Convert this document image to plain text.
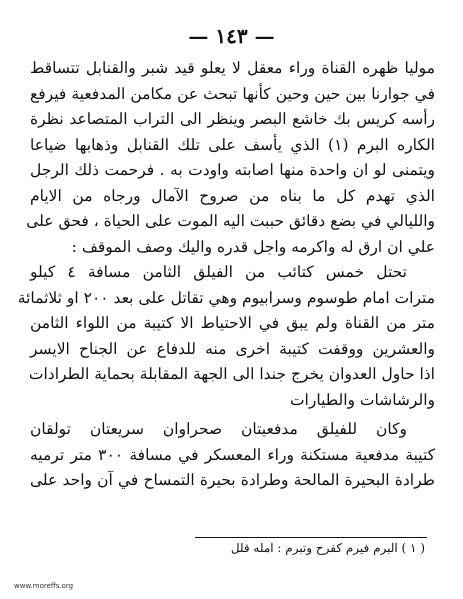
— ١٤٣ —
موليا ظهره القناة وراء معقل لا يعلو قيد شبر والقنابل تتساقط
في جوارنا بين حين وحين كأنها تبحث عن مكامن المدفعية فيرفع
رأسه كريس بك خاشع البصر وينظر الى التراب المتصاعد نظرة
الكاره البرم (١) الذي يأسف على تلك القنابل وذهابها ضياعا
ويتمنى لو ان واحدة منها اصابته واودت به . فرحمت ذلك الرجل
الذي تهدم كل ما بناه من صروح الآمال ورجاه من الايام
والليالي في بضع دقائق حببت اليه الموت على الحياة ، فحق على
علي ان ارق له واكرمه واجل قدره واليك وصف الموقف :
تحتل خمس كتائب من الفيلق الثامن مسافة ٤ كيلو
مترات امام طوسوم وسرابيوم وهي تقاتل على بعد ٢٠٠ او ثلاثمائة
متر من القناة ولم يبق في الاحتياط الا كتيبة من اللواء الثامن
والعشرين ووقفت كتيبة اخرى منه للدفاع عن الجناح الايسر
اذا حاول العدوان يخرج جندا الى الجهة المقابلة بحماية الطرادات
والرشاشات والطيارات
وكان للفيلق مدفعيتان صحراوان سريعتان تولقان
كتيبة مدفعية مستكنة وراء المعسكر في مسافة ٣٠٠ متر ترميه
طرادة البحيرة المالحة وطرادة بحيرة التمساح في آن واحد على
( ١ ) البرم فيرم كفرح وتبرم : امله قلل
www.moreffs.org
